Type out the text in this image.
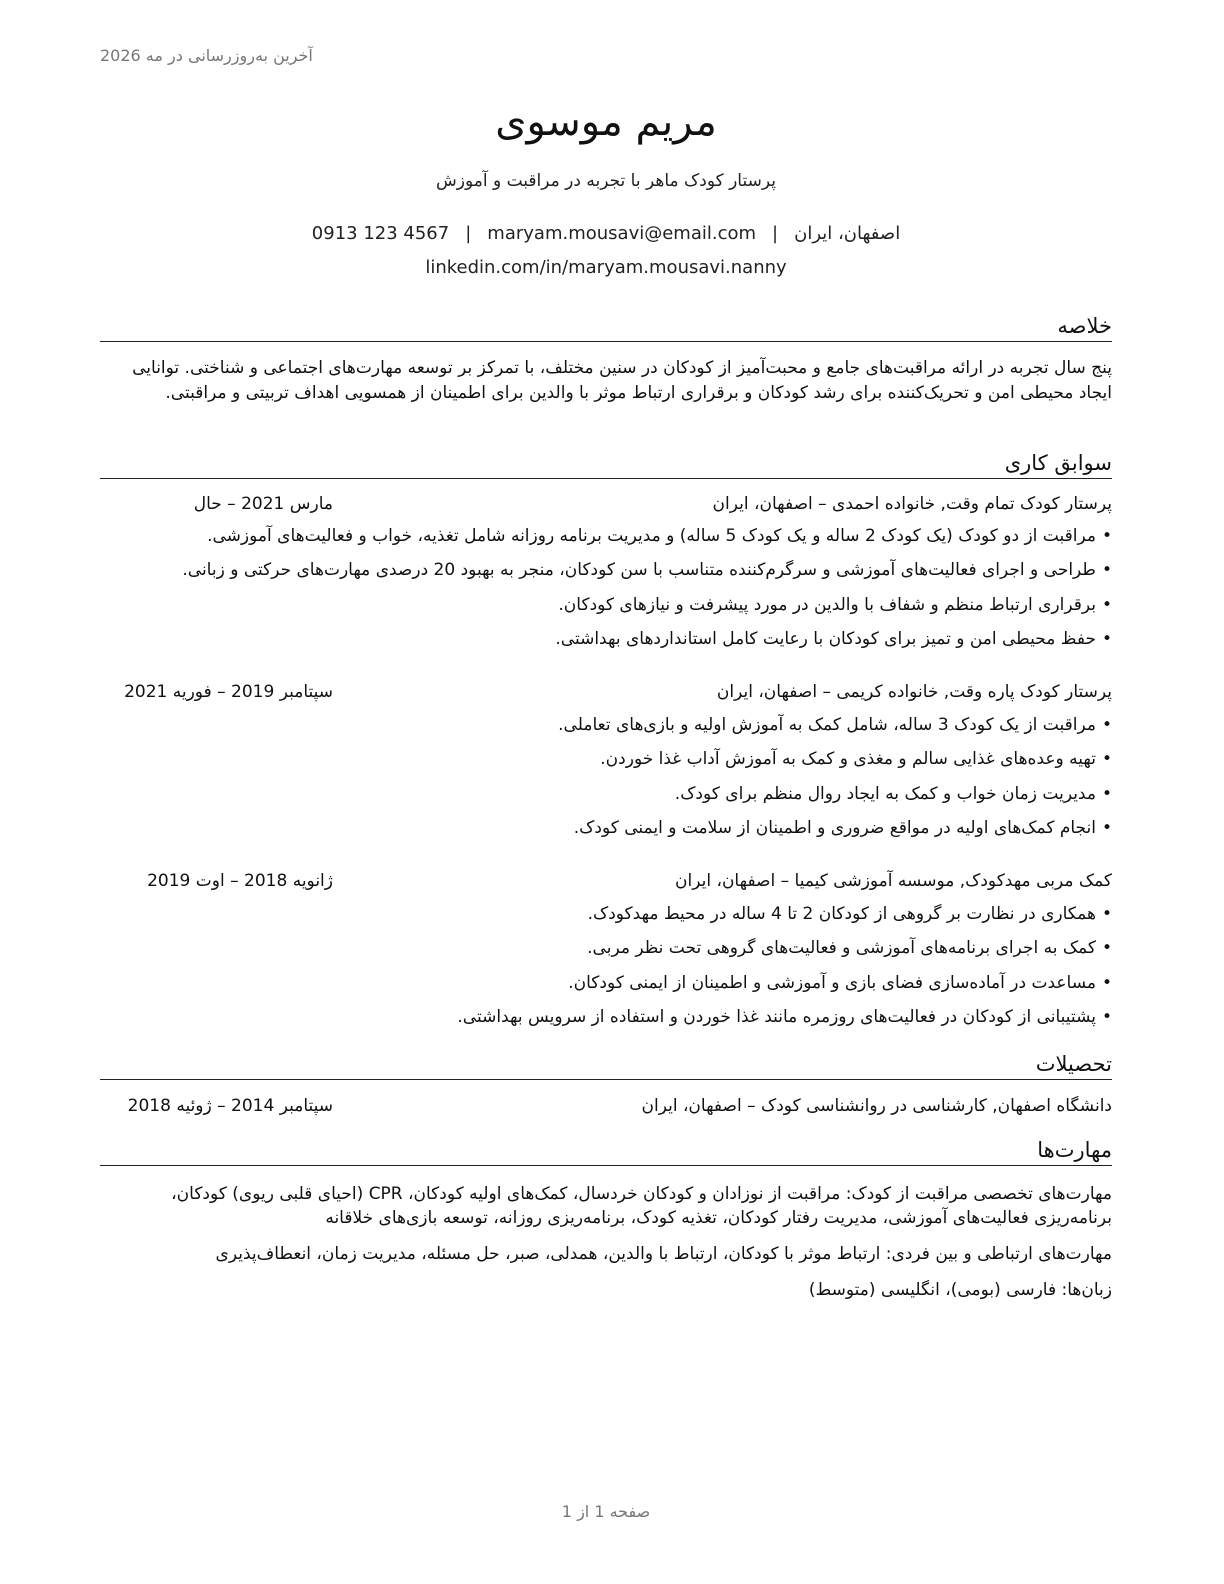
آخرین به‌روزرسانی در مه 2026
مریم موسوی
پرستار کودک ماهر با تجربه در مراقبت و آموزش
اصفهان، ایران|maryam.mousavi@email.com|0913 123 4567
linkedin.com/in/maryam.mousavi.nanny
خلاصه
پنج سال تجربه در ارائه مراقبت‌های جامع و محبت‌آمیز از کودکان در سنین مختلف، با تمرکز بر توسعه مهارت‌های اجتماعی و شناختی. توانایی ایجاد محیطی امن و تحریک‌کننده برای رشد کودکان و برقراری ارتباط موثر با والدین برای اطمینان از همسویی اهداف تربیتی و مراقبتی.
سوابق کاری
پرستار کودک تمام وقت, خانواده احمدی – اصفهان، ایران
مارس 2021 – حال
• مراقبت از دو کودک (یک کودک 2 ساله و یک کودک 5 ساله) و مدیریت برنامه روزانه شامل تغذیه، خواب و فعالیت‌های آموزشی.
• طراحی و اجرای فعالیت‌های آموزشی و سرگرم‌کننده متناسب با سن کودکان، منجر به بهبود 20 درصدی مهارت‌های حرکتی و زبانی.
• برقراری ارتباط منظم و شفاف با والدین در مورد پیشرفت و نیازهای کودکان.
• حفظ محیطی امن و تمیز برای کودکان با رعایت کامل استانداردهای بهداشتی.
پرستار کودک پاره وقت, خانواده کریمی – اصفهان، ایران
سپتامبر 2019 – فوریه 2021
• مراقبت از یک کودک 3 ساله، شامل کمک به آموزش اولیه و بازی‌های تعاملی.
• تهیه وعده‌های غذایی سالم و مغذی و کمک به آموزش آداب غذا خوردن.
• مدیریت زمان خواب و کمک به ایجاد روال منظم برای کودک.
• انجام کمک‌های اولیه در مواقع ضروری و اطمینان از سلامت و ایمنی کودک.
کمک مربی مهدکودک, موسسه آموزشی کیمیا – اصفهان، ایران
ژانویه 2018 – اوت 2019
• همکاری در نظارت بر گروهی از کودکان 2 تا 4 ساله در محیط مهدکودک.
• کمک به اجرای برنامه‌های آموزشی و فعالیت‌های گروهی تحت نظر مربی.
• مساعدت در آماده‌سازی فضای بازی و آموزشی و اطمینان از ایمنی کودکان.
• پشتیبانی از کودکان در فعالیت‌های روزمره مانند غذا خوردن و استفاده از سرویس بهداشتی.
تحصیلات
دانشگاه اصفهان, کارشناسی در روانشناسی کودک – اصفهان، ایران
سپتامبر 2014 – ژوئیه 2018
مهارت‌ها
مهارت‌های تخصصی مراقبت از کودک: مراقبت از نوزادان و کودکان خردسال، کمک‌های اولیه کودکان، CPR (احیای قلبی ریوی) کودکان، برنامه‌ریزی فعالیت‌های آموزشی، مدیریت رفتار کودکان، تغذیه کودک، برنامه‌ریزی روزانه، توسعه بازی‌های خلاقانه
مهارت‌های ارتباطی و بین فردی: ارتباط موثر با کودکان، ارتباط با والدین، همدلی، صبر، حل مسئله، مدیریت زمان، انعطاف‌پذیری
زبان‌ها: فارسی (بومی)، انگلیسی (متوسط)
صفحه 1 از 1
